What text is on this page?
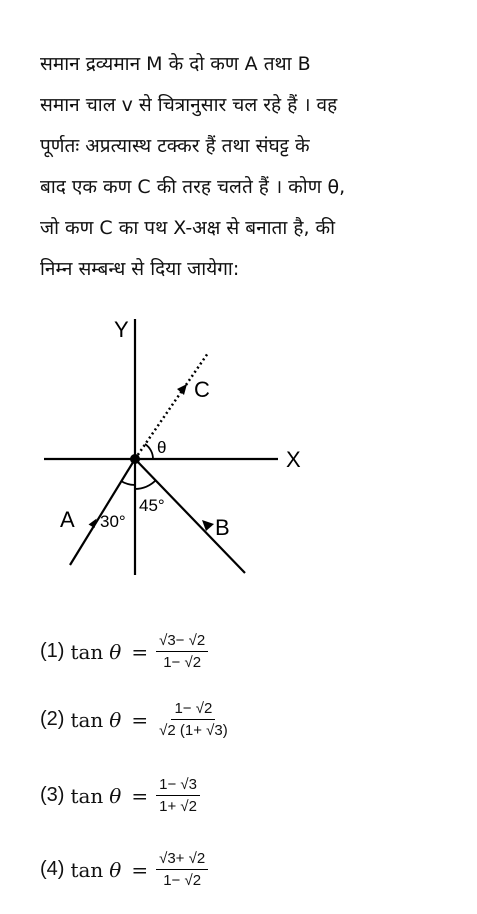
समान द्रव्यमान M के दो कण A तथा B

समान चाल v से चित्रानुसार चल रहे हैं । वह

पूर्णतः अप्रत्यास्थ टक्कर हैं तथा संघट्ट के

बाद एक कण C की तरह चलते हैं । कोण θ,

जो कण C का पथ X-अक्ष से बनाता है, की

निम्न सम्बन्ध से दिया जायेगा:

Y
X
C
θ
A 30°
45°
B
(1) $\tan \theta = \frac{√3- √2}{1- √2}$
(2) $\tan \theta = \frac{1- √2}{√2 (1+ √3)}$
(3) $\tan \theta = \frac{1- √3}{1+ √2}$
(4) $\tan \theta = \frac{√3+ √2}{1- √2}$
